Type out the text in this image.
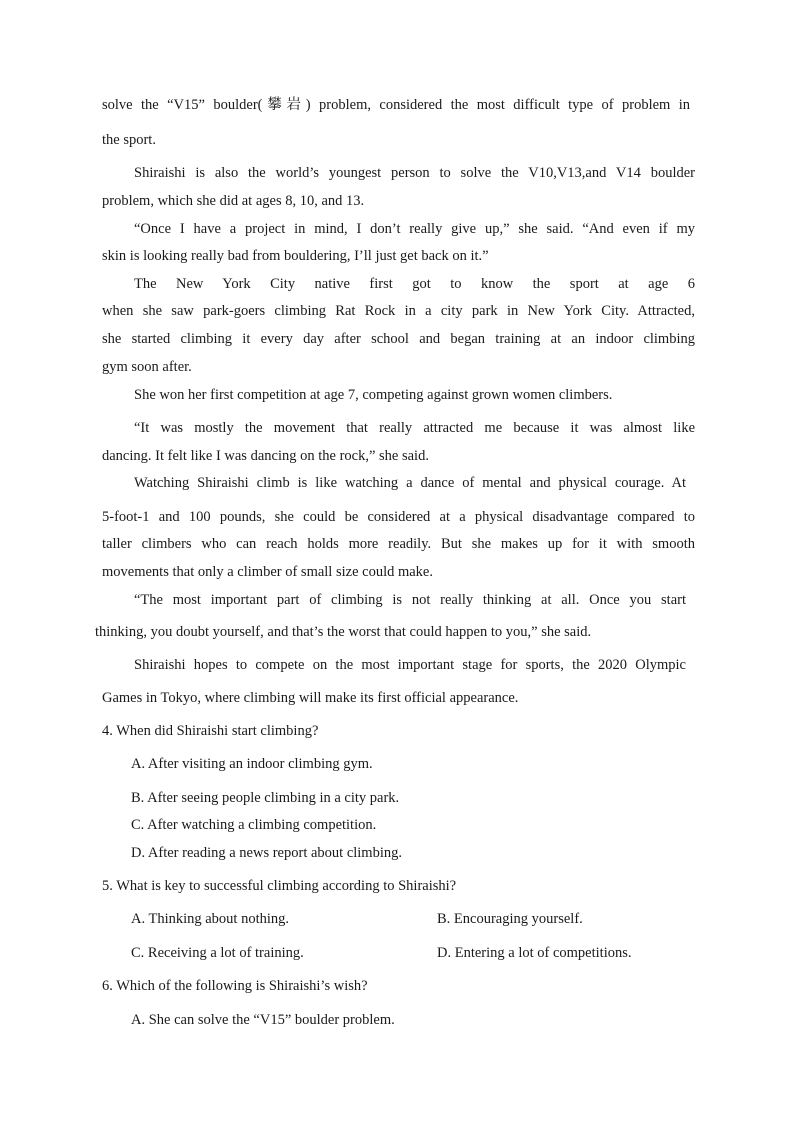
solve the “V15” boulder(攀岩) problem, considered the most difficult type of problem in
the sport.
Shiraishi is also the world’s youngest person to solve the V10,V13,and V14 boulder
problem, which she did at ages 8, 10, and 13.
“Once I have a project in mind, I don’t really give up,” she said. “And even if my
skin is looking really bad from bouldering, I’ll just get back on it.”
The New York City native first got to know the sport at age 6
when she saw park-goers climbing Rat Rock in a city park in New York City. Attracted,
she started climbing it every day after school and began training at an indoor climbing
gym soon after.
She won her first competition at age 7, competing against grown women climbers.
“It was mostly the movement that really attracted me because it was almost like
dancing. It felt like I was dancing on the rock,” she said.
Watching Shiraishi climb is like watching a dance of mental and physical courage. At
5-foot-1 and 100 pounds, she could be considered at a physical disadvantage compared to
taller climbers who can reach holds more readily. But she makes up for it with smooth
movements that only a climber of small size could make.
“The most important part of climbing is not really thinking at all. Once you start
thinking, you doubt yourself, and that’s the worst that could happen to you,” she said.
Shiraishi hopes to compete on the most important stage for sports, the 2020 Olympic
Games in Tokyo, where climbing will make its first official appearance.
4. When did Shiraishi start climbing?
A. After visiting an indoor climbing gym.
B. After seeing people climbing in a city park.
C. After watching a climbing competition.
D. After reading a news report about climbing.
5. What is key to successful climbing according to Shiraishi?
A. Thinking about nothing.	B. Encouraging yourself.
C. Receiving a lot of training.	D. Entering a lot of competitions.
6. Which of the following is Shiraishi’s wish?
A. She can solve the “V15” boulder problem.
